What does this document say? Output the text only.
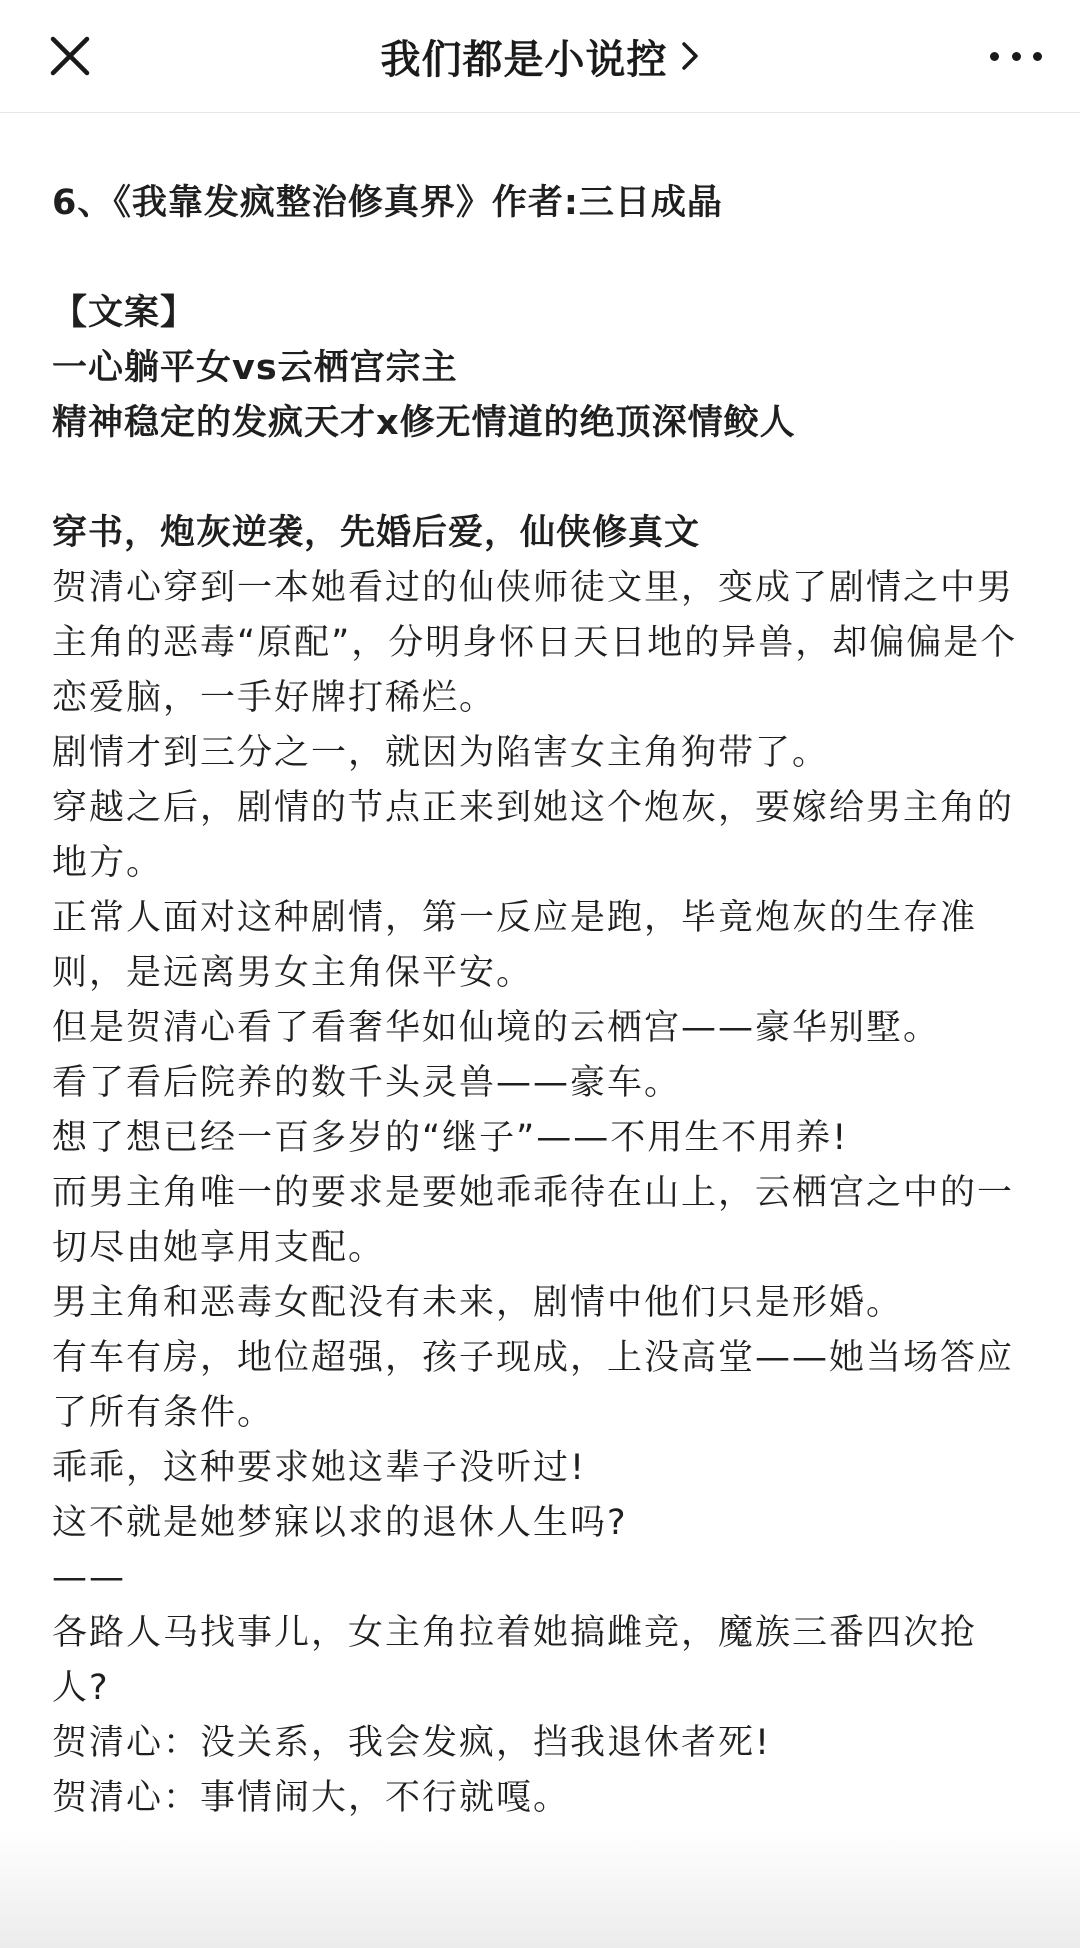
我们都是小说控
6、《我靠发疯整治修真界》作者:三日成晶
【文案】
一心躺平女vs云栖宫宗主
精神稳定的发疯天才x修无情道的绝顶深情鲛人
穿书，炮灰逆袭，先婚后爱，仙侠修真文
贺清心穿到一本她看过的仙侠师徒文里，变成了剧情之中男
主角的恶毒“原配”，分明身怀日天日地的异兽，却偏偏是个
恋爱脑，一手好牌打稀烂。
剧情才到三分之一，就因为陷害女主角狗带了。
穿越之后，剧情的节点正来到她这个炮灰，要嫁给男主角的
地方。
正常人面对这种剧情，第一反应是跑，毕竟炮灰的生存准
则，是远离男女主角保平安。
但是贺清心看了看奢华如仙境的云栖宫——豪华别墅。
看了看后院养的数千头灵兽——豪车。
想了想已经一百多岁的“继子”——不用生不用养!
而男主角唯一的要求是要她乖乖待在山上，云栖宫之中的一
切尽由她享用支配。
男主角和恶毒女配没有未来，剧情中他们只是形婚。
有车有房，地位超强，孩子现成，上没高堂——她当场答应
了所有条件。
乖乖，这种要求她这辈子没听过!
这不就是她梦寐以求的退休人生吗?
——
各路人马找事儿，女主角拉着她搞雌竞，魔族三番四次抢
人?
贺清心：没关系，我会发疯，挡我退休者死!
贺清心：事情闹大，不行就嘎。
